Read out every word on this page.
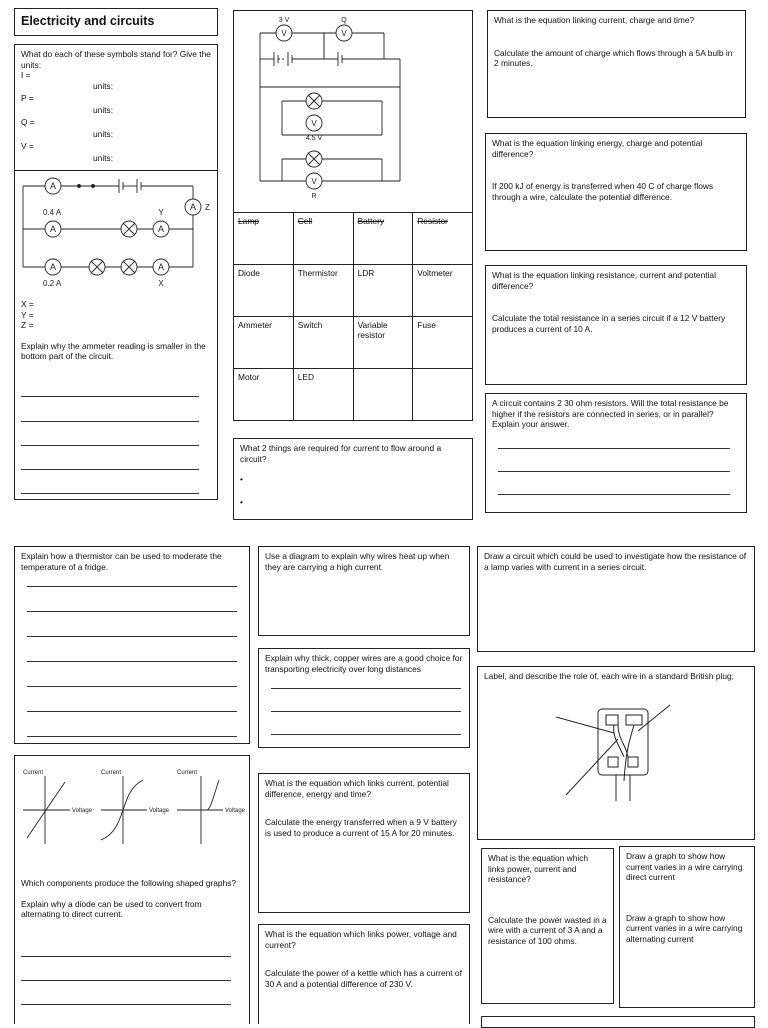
Electricity and circuits
What do each of these symbols stand for? Give the units:
I =
units:
P =
units:
Q =
units:
V =
units:
A
A Z
A
0.4 A
A
Y
A
0.2 A
A
X
X =
Y =
Z =
Explain why the ammeter reading is smaller in the bottom part of the circuit.
V
3 V
V
Q
V
4.5 V
V
R
Lamp	Cell	Battery	Resistor
Diode	Thermistor	LDR	Voltmeter
Ammeter	Switch	Variable resistor	Fuse
Motor	LED		
What 2 things are required for current to flow around a circuit?
•
•
What is the equation linking current, charge and time?
Calculate the amount of charge which flows through a 5A bulb in 2 minutes.
What is the equation linking energy, charge and potential difference?
If 200 kJ of energy is transferred when 40 C of charge flows through a wire, calculate the potential difference.
What is the equation linking resistance, current and potential difference?
Calculate the total resistance in a series circuit if a 12 V battery produces a current of 10 A.
A circuit contains 2 30 ohm resistors. Will the total resistance be higher if the resistors are connected in series, or in parallel? Explain your answer.
Explain how a thermistor can be used to moderate the temperature of a fridge.
Current
Voltage
Current
Voltage
Current
Voltage
Which components produce the following shaped graphs?
Explain why a diode can be used to convert from alternating to direct current.
Use a diagram to explain why wires heat up when they are carrying a high current.
Explain why thick, copper wires are a good choice for transporting electricity over long distances
What is the equation which links current, potential difference, energy and time?
Calculate the energy transferred when a 9 V battery is used to produce a current of 15 A for 20 minutes.
What is the equation which links power, voltage and current?
Calculate the power of a kettle which has a current of 30 A and a potential difference of 230 V.
Draw a circuit which could be used to investigate how the resistance of a lamp varies with current in a series circuit.
Label, and describe the role of, each wire in a standard British plug;
What is the equation which links power, current and resistance?
Calculate the power wasted in a wire with a current of 3 A and a resistance of 100 ohms.
Draw a graph to show how current varies in a wire carrying direct current
Draw a graph to show how current varies in a wire carrying alternating current
